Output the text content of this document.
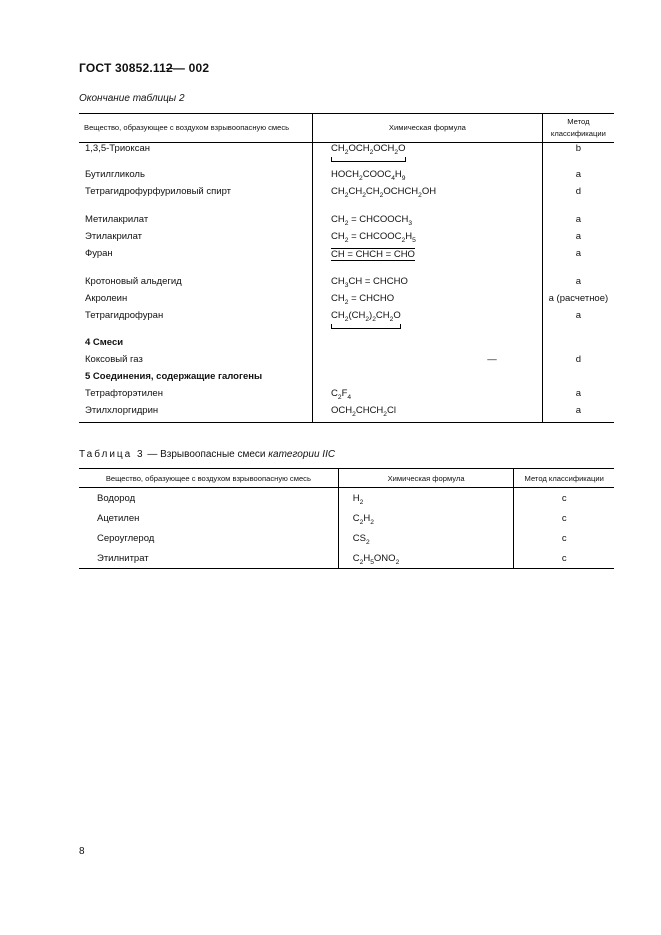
ГОСТ 30852.112— 002
Окончание таблицы 2
Вещество, образующее с воздухом взрывоопасную смесь	Химическая формула	Метод
классификации
1,3,5-Триоксан	$CH_2OCH_2OCH_2O$	b
Бутилгликоль	$HOCH_2COOC_4H_9$	a
Тетрагидрофурфуриловый спирт	$CH_2CH_2CH_2OCHCH_2OH$	d
Метилакрилат	$CH_2$ = $CHCOOCH_3$	a
Этилакрилат	$CH_2$ = $CHCOOC_2H_5$	a
Фуран	CH = CHCH = CHO	a
Кротоновый альдегид	$CH_3CH$ = CHCHO	a
Акролеин	$CH_2$ = CHCHO	a (расчетное)
Тетрагидрофуран	$CH_2(CH_2)_2CH_2O$	a
4 Смеси		
Коксовый газ	—	d
5 Соединения, содержащие галогены		
Тетрафторэтилен	$C_2F_4$	a
Этилхлоргидрин	$OCH_2CHCH_2Cl$	a
Таблица 3 — Взрывоопасные смеси категории IIC
Вещество, образующее с воздухом взрывоопасную смесь	Химическая формула	Метод классификации
Водород	$H_2$	c
Ацетилен	$C_2H_2$	c
Сероуглерод	$CS_2$	c
Этилнитрат	$C_2H_5ONO_2$	c
8
